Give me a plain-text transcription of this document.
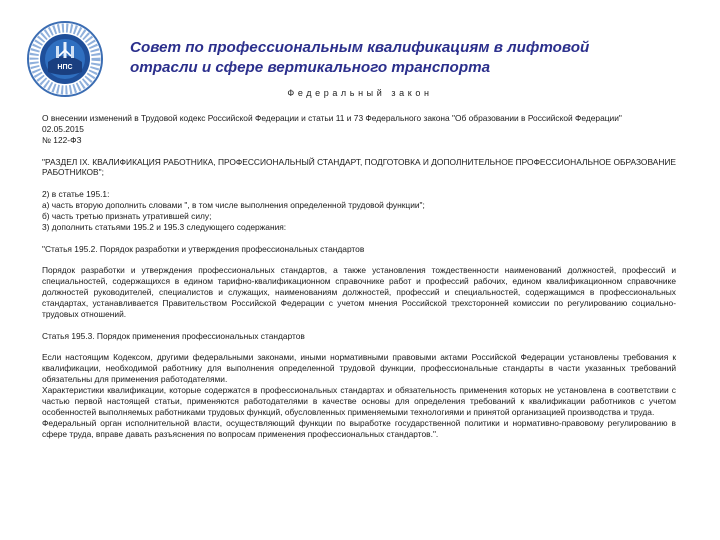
НПС
Совет по профессиональным квалификациям в лифтовой
отрасли и сфере вертикального транспорта
Федеральный закон

О внесении изменений в Трудовой кодекс Российской Федерации и статьи 11 и 73 Федерального закона "Об образовании в Российской Федерации"

02.05.2015

№ 122-ФЗ

"РАЗДЕЛ IX. КВАЛИФИКАЦИЯ РАБОТНИКА, ПРОФЕССИОНАЛЬНЫЙ СТАНДАРТ, ПОДГОТОВКА И ДОПОЛНИТЕЛЬНОЕ ПРОФЕССИОНАЛЬНОЕ ОБРАЗОВАНИЕ РАБОТНИКОВ";

2) в статье 195.1:

а) часть вторую дополнить словами ", в том числе выполнения определенной трудовой функции";

б) часть третью признать утратившей силу;

3) дополнить статьями 195.2 и 195.3 следующего содержания:

"Статья 195.2. Порядок разработки и утверждения профессиональных стандартов

Порядок разработки и утверждения профессиональных стандартов, а также установления тождественности наименований должностей, профессий и специальностей, содержащихся в едином тарифно-квалификационном справочнике работ и профессий рабочих, едином квалификационном справочнике должностей руководителей, специалистов и служащих, наименованиям должностей, профессий и специальностей, содержащимся в профессиональных стандартах, устанавливается Правительством Российской Федерации с учетом мнения Российской трехсторонней комиссии по регулированию социально-трудовых отношений.

Статья 195.3. Порядок применения профессиональных стандартов

Если настоящим Кодексом, другими федеральными законами, иными нормативными правовыми актами Российской Федерации установлены требования к квалификации, необходимой работнику для выполнения определенной трудовой функции, профессиональные стандарты в части указанных требований обязательны для применения работодателями.

Характеристики квалификации, которые содержатся в профессиональных стандартах и обязательность применения которых не установлена в соответствии с частью первой настоящей статьи, применяются работодателями в качестве основы для определения требований к квалификации работников с учетом особенностей выполняемых работниками трудовых функций, обусловленных применяемыми технологиями и принятой организацией производства и труда.

Федеральный орган исполнительной власти, осуществляющий функции по выработке государственной политики и нормативно-правовому регулированию в сфере труда, вправе давать разъяснения по вопросам применения профессиональных стандартов.".
